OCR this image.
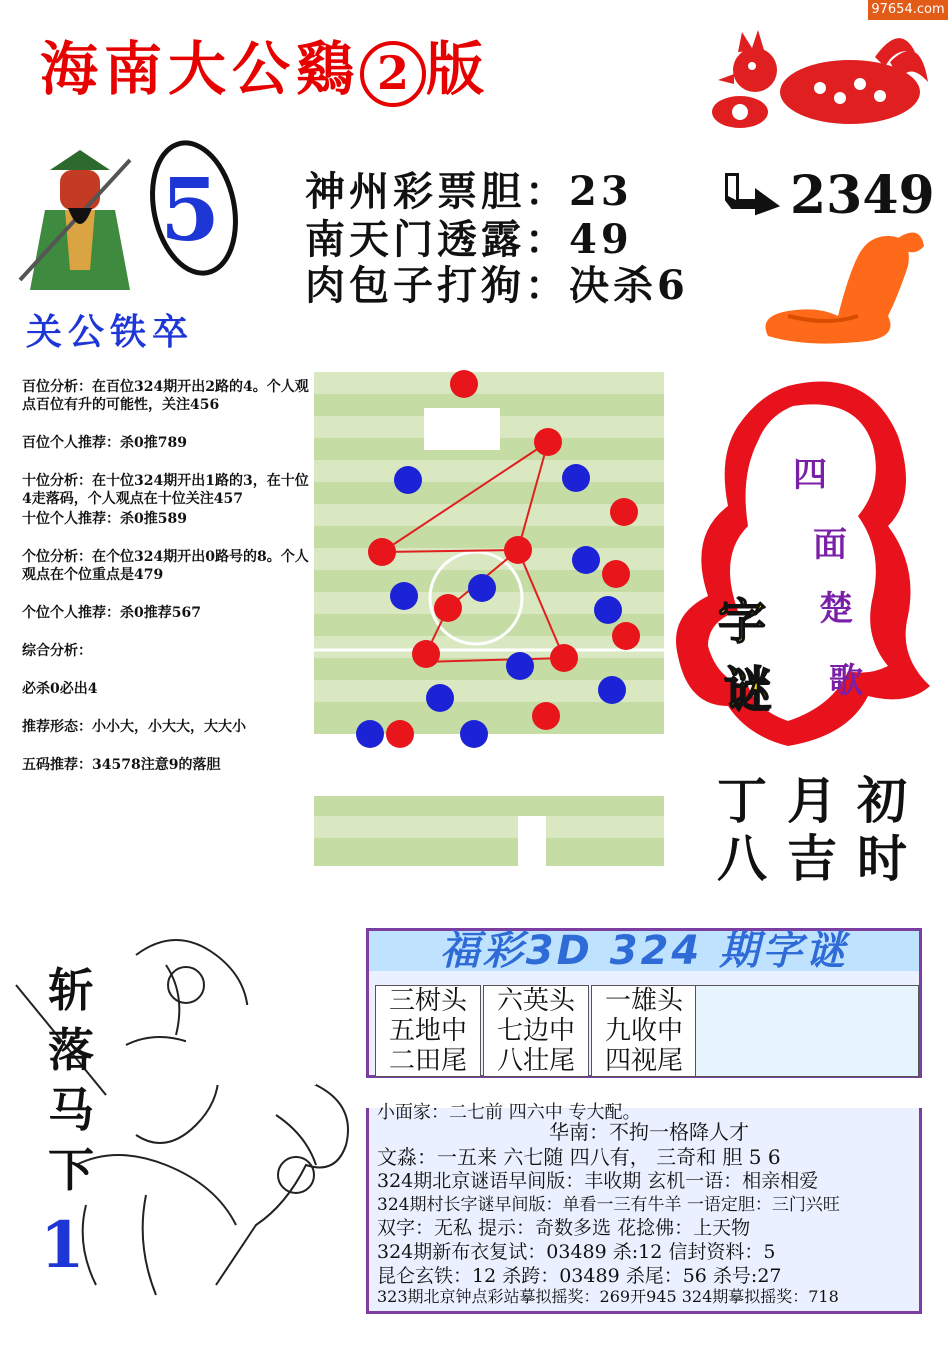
97654.com
海南大公鷄 2 版
5
关公铁卒
神州彩票胆：23
南天门透露：49
肉包子打狗：决杀6
2349

百位分析：在百位324期开出2路的4。个人观点百位有升的可能性，关注456

百位个人推荐：杀0推789

十位分析：在十位324期开出1路的3，在十位4走落码，个人观点在十位关注457

十位个人推荐：杀0推589

个位分析：在个位324期开出0路号的8。个人观点在个位重点是479

个位个人推荐：杀0推荐567

综合分析：

必杀0必出4

推荐形态：小小大，小大大，大大小

五码推荐：34578注意9的落胆

四
面
楚
歌
字
谜
丁 月 初
八 吉 时
斩
落
马
下
1
福彩3D 324 期字谜
三树头
五地中
二田尾
六英头
七边中
八壮尾
一雄头
九收中
四视尾
小面家：二七前 四六中 专大配。
华南：不拘一格降人才
文淼：一五来 六七随 四八有， 三奇和 胆 5 6
324期北京谜语早间版：丰收期 玄机一语：相亲相爱
324期村长字谜早间版：单看一三有牛羊 一语定胆：三门兴旺
双字：无私 提示：奇数多选 花捻佛：上天物
324期新布衣复试：03489 杀:12 信封资料：5
昆仑玄铁：12 杀跨：03489 杀尾：56 杀号:27
323期北京钟点彩站摹拟摇奖：269开945 324期摹拟摇奖：718
